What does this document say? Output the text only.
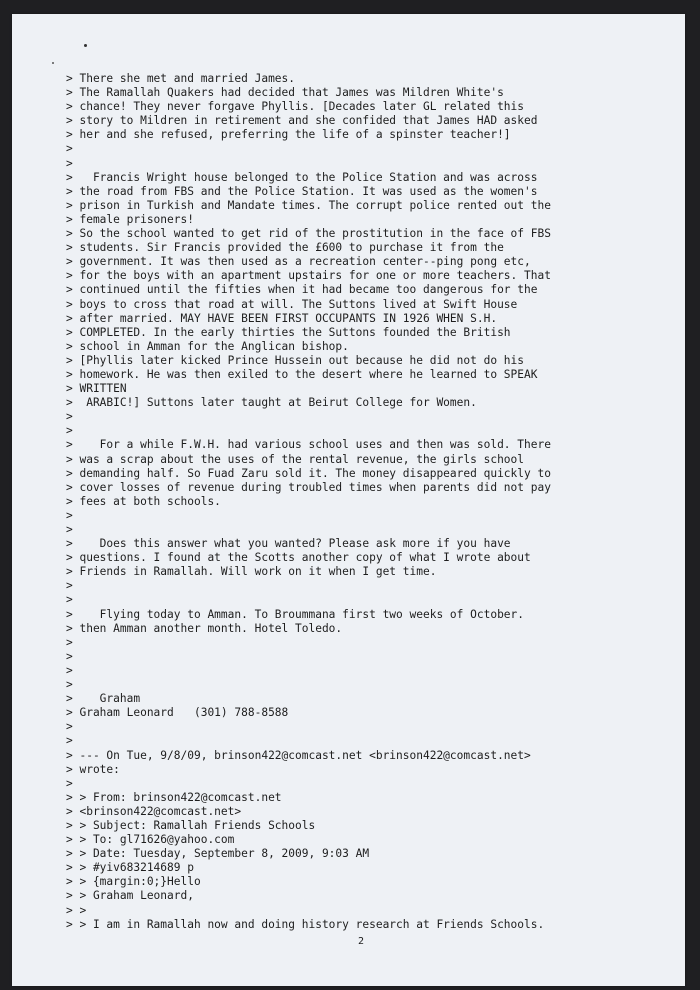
> There she met and married James.
> The Ramallah Quakers had decided that James was Mildren White's
> chance! They never forgave Phyllis. [Decades later GL related this
> story to Mildren in retirement and she confided that James HAD asked
> her and she refused, preferring the life of a spinster teacher!]
>
>
>   Francis Wright house belonged to the Police Station and was across
> the road from FBS and the Police Station. It was used as the women's
> prison in Turkish and Mandate times. The corrupt police rented out the
> female prisoners!
> So the school wanted to get rid of the prostitution in the face of FBS
> students. Sir Francis provided the £600 to purchase it from the
> government. It was then used as a recreation center--ping pong etc,
> for the boys with an apartment upstairs for one or more teachers. That
> continued until the fifties when it had became too dangerous for the
> boys to cross that road at will. The Suttons lived at Swift House
> after married. MAY HAVE BEEN FIRST OCCUPANTS IN 1926 WHEN S.H.
> COMPLETED. In the early thirties the Suttons founded the British
> school in Amman for the Anglican bishop.
> [Phyllis later kicked Prince Hussein out because he did not do his
> homework. He was then exiled to the desert where he learned to SPEAK
> WRITTEN
>  ARABIC!] Suttons later taught at Beirut College for Women.
>
>
>    For a while F.W.H. had various school uses and then was sold. There
> was a scrap about the uses of the rental revenue, the girls school
> demanding half. So Fuad Zaru sold it. The money disappeared quickly to
> cover losses of revenue during troubled times when parents did not pay
> fees at both schools.
>
>
>    Does this answer what you wanted? Please ask more if you have
> questions. I found at the Scotts another copy of what I wrote about
> Friends in Ramallah. Will work on it when I get time.
>
>
>    Flying today to Amman. To Broummana first two weeks of October.
> then Amman another month. Hotel Toledo.
>
>
>
>
>    Graham
> Graham Leonard   (301) 788-8588
>
>
> --- On Tue, 9/8/09, brinson422@comcast.net <brinson422@comcast.net>
> wrote:
>
> > From: brinson422@comcast.net
> <brinson422@comcast.net>
> > Subject: Ramallah Friends Schools
> > To: gl71626@yahoo.com
> > Date: Tuesday, September 8, 2009, 9:03 AM
> > #yiv683214689 p
> > {margin:0;}Hello
> > Graham Leonard,
> >
> > I am in Ramallah now and doing history research at Friends Schools.
2
